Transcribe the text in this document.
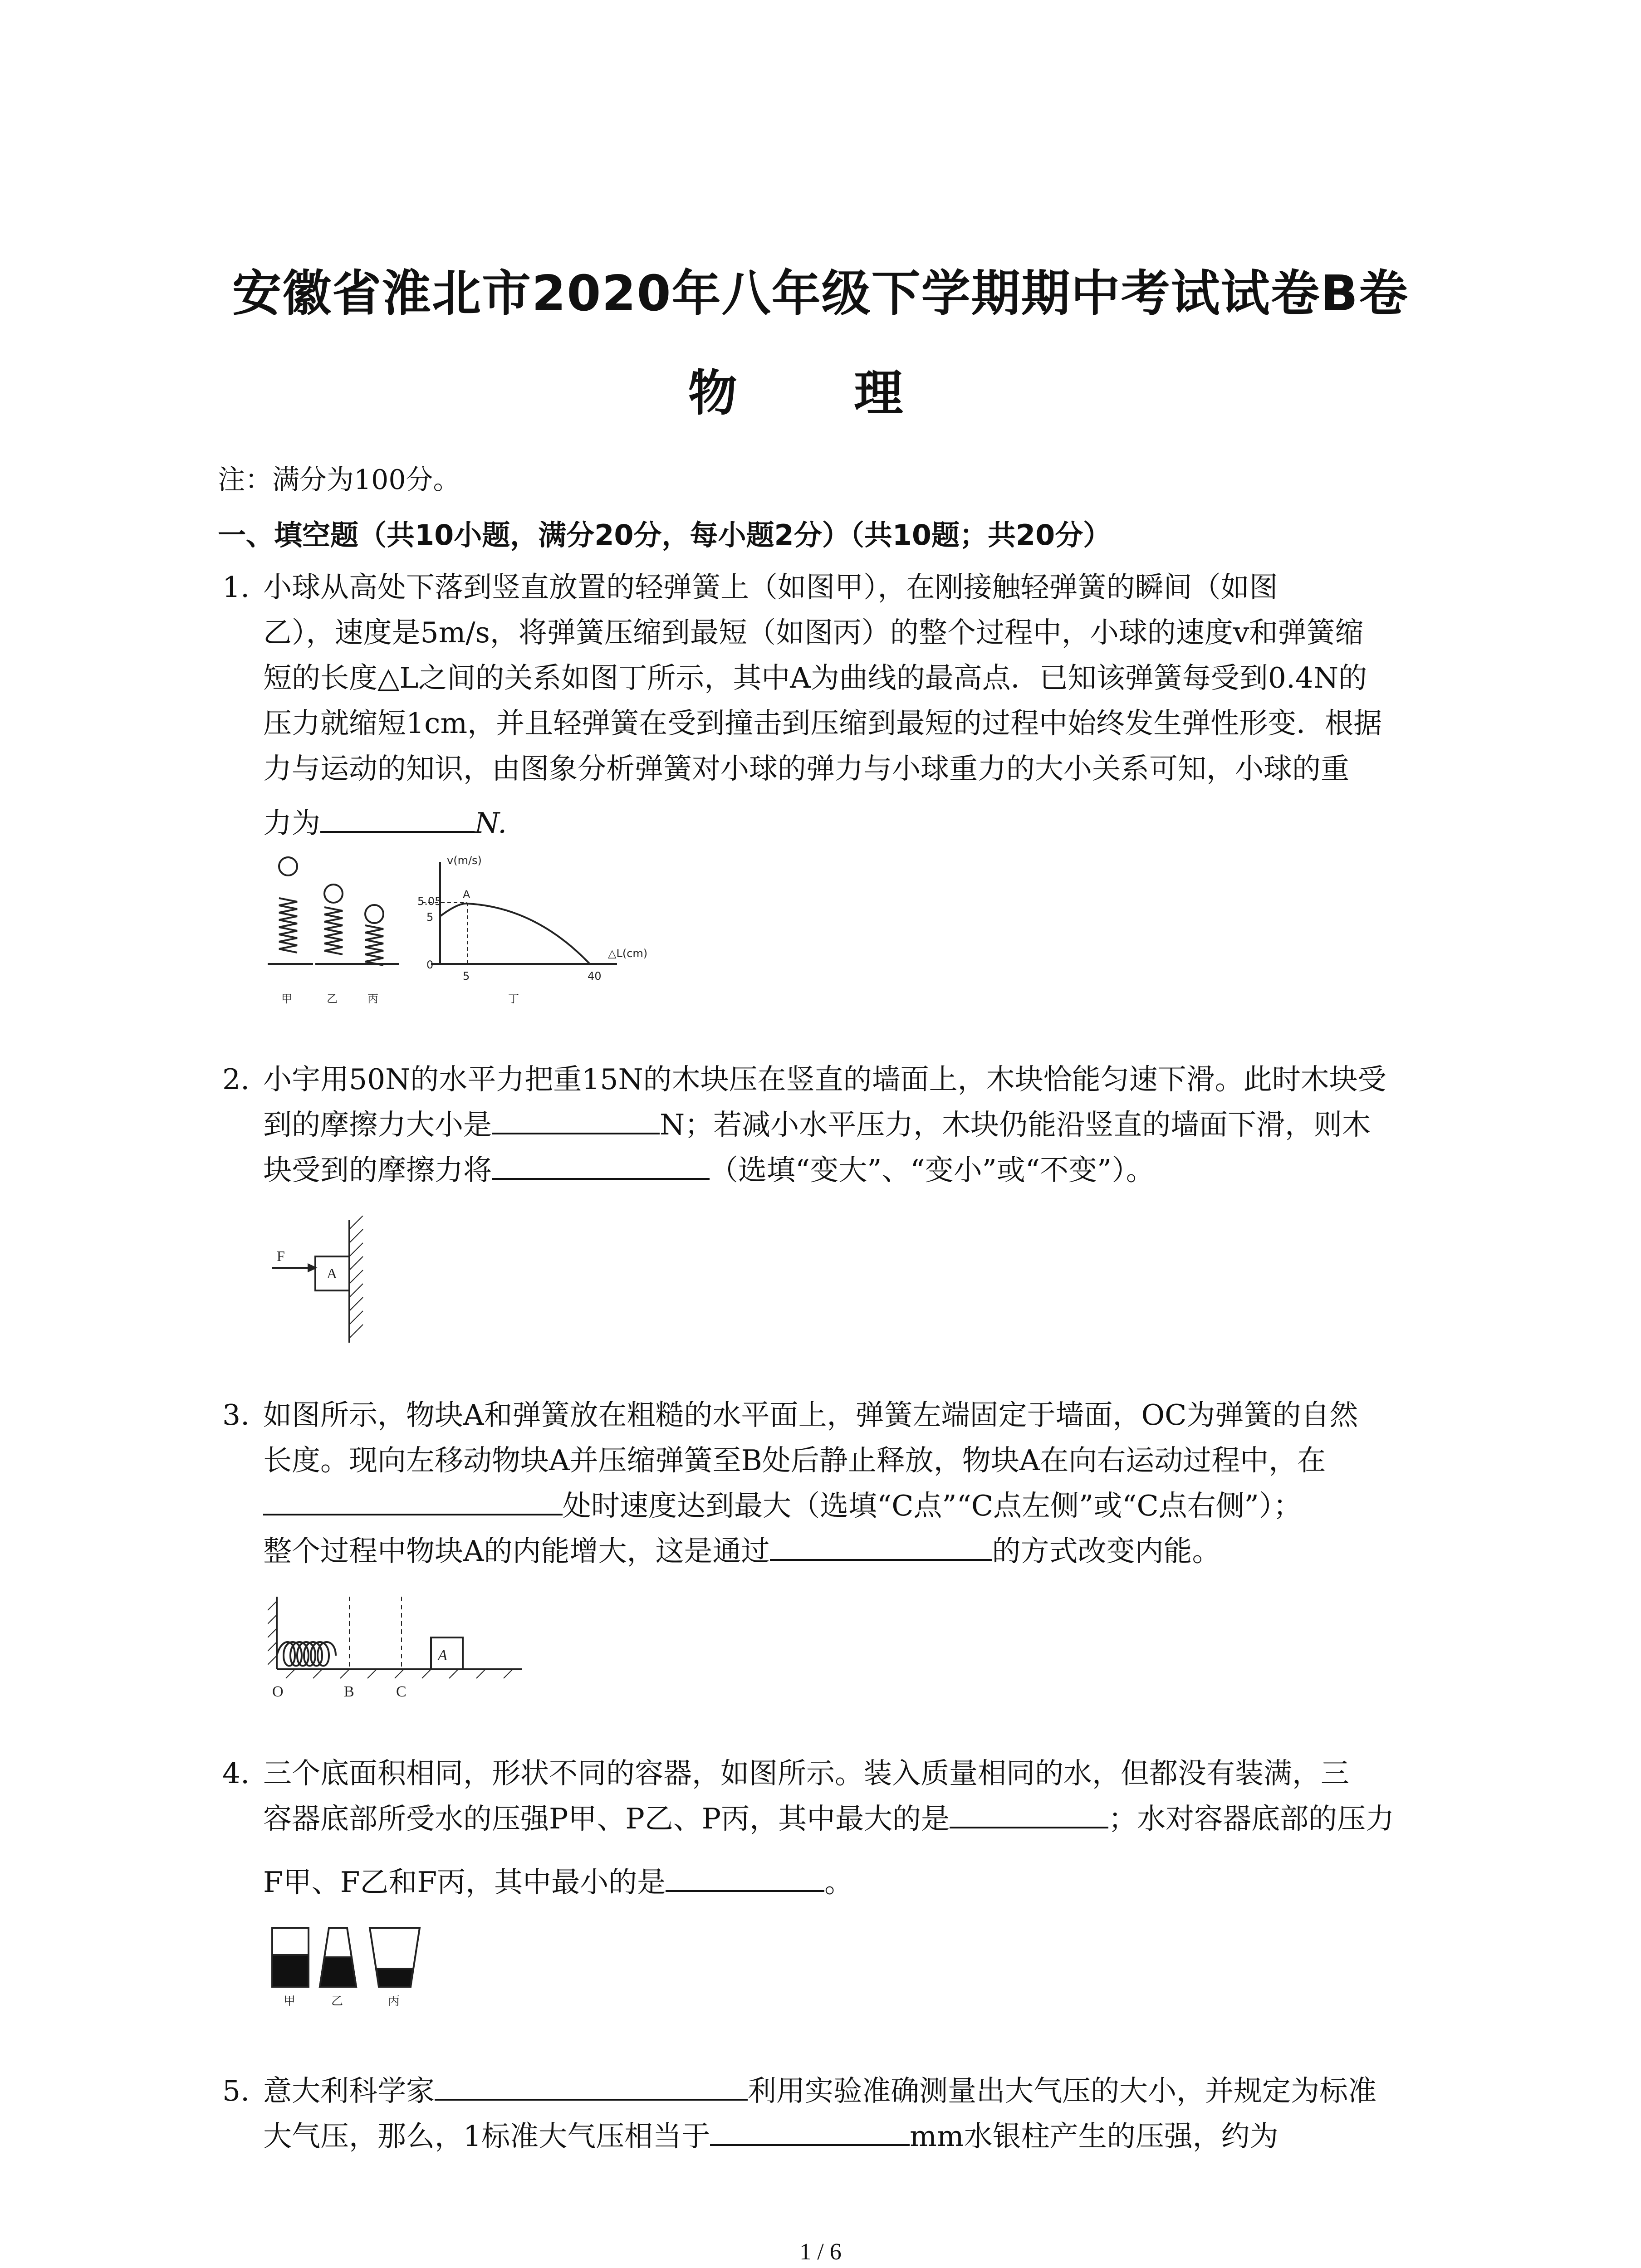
安徽省淮北市2020年八年级下学期期中考试试卷B卷
物 理
注：满分为100分。
一、填空题（共10小题，满分20分，每小题2分）（共10题；共20分）
1. 小球从高处下落到竖直放置的轻弹簧上（如图甲），在刚接触轻弹簧的瞬间（如图
乙），速度是5m/s，将弹簧压缩到最短（如图丙）的整个过程中，小球的速度v和弹簧缩
短的长度△L之间的关系如图丁所示，其中A为曲线的最高点．已知该弹簧每受到0.4N的
压力就缩短1cm，并且轻弹簧在受到撞击到压缩到最短的过程中始终发生弹性形变．根据
力与运动的知识，由图象分析弹簧对小球的弹力与小球重力的大小关系可知，小球的重
力为	N.
v(m/s)
5.05
5
0
A
5	40
△L(cm)
甲	乙	丙	丁
2. 小宇用50N的水平力把重15N的木块压在竖直的墙面上，木块恰能匀速下滑。此时木块受
到的摩擦力大小是	N；若减小水平压力，木块仍能沿竖直的墙面下滑，则木
块受到的摩擦力将	（选填“变大”、“变小”或“不变”）。
F
A
3. 如图所示，物块A和弹簧放在粗糙的水平面上，弹簧左端固定于墙面，OC为弹簧的自然
长度。现向左移动物块A并压缩弹簧至B处后静止释放，物块A在向右运动过程中，在
处时速度达到最大（选填“C点”“C点左侧”或“C点右侧”）；
整个过程中物块A的内能增大，这是通过	的方式改变内能。
A
O	B	C
4. 三个底面积相同，形状不同的容器，如图所示。装入质量相同的水，但都没有装满，三
容器底部所受水的压强P甲、P乙、P丙，其中最大的是	；水对容器底部的压力
F甲、F乙和F丙，其中最小的是	。
甲	乙	丙
5. 意大利科学家	利用实验准确测量出大气压的大小，并规定为标准
大气压，那么，1标准大气压相当于	mm水银柱产生的压强，约为
1 / 6
